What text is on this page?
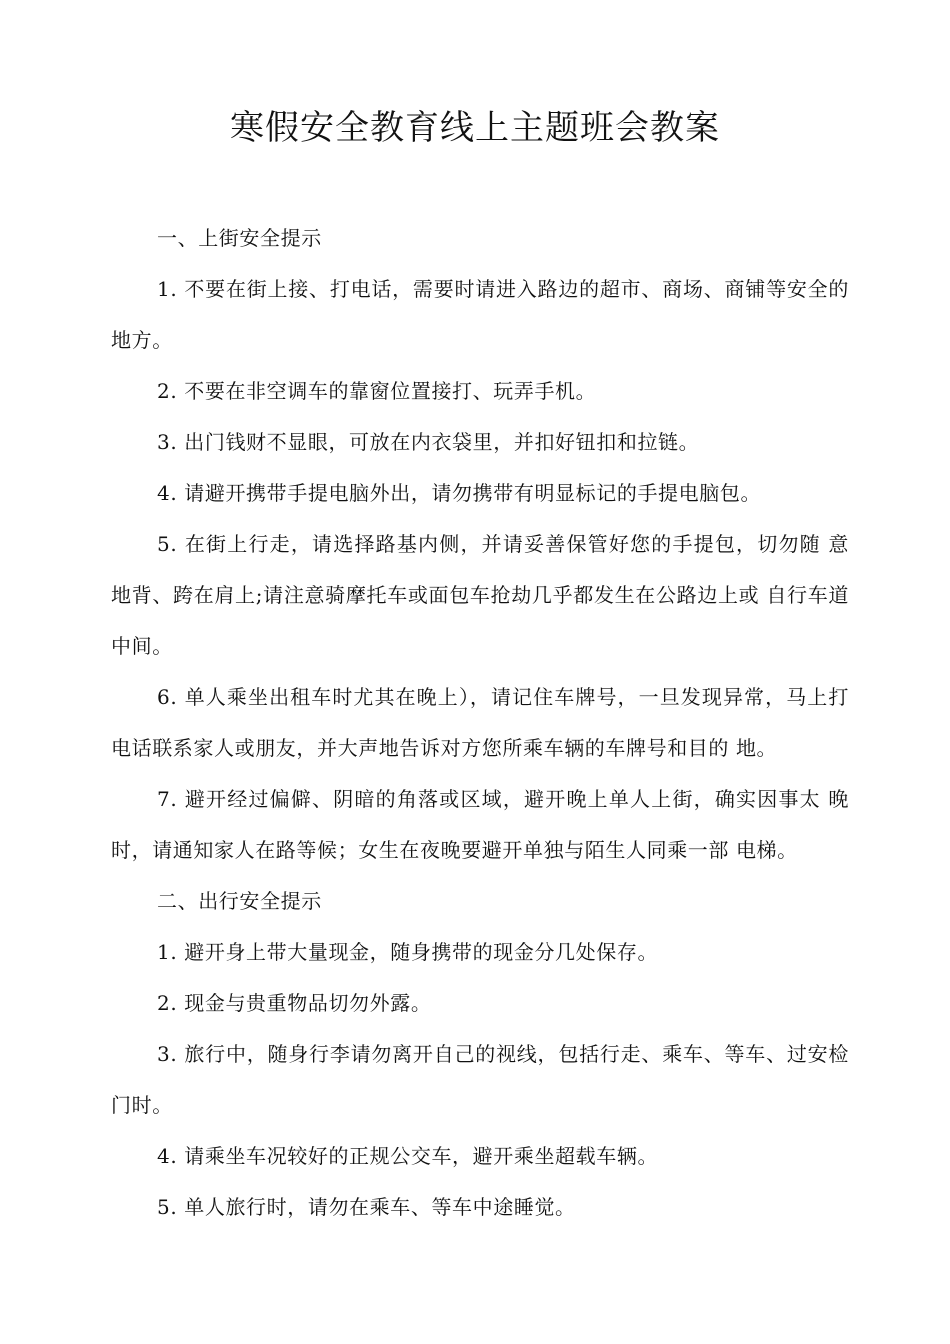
寒假安全教育线上主题班会教案

一、上街安全提示

1. 不要在街上接、打电话，需要时请进入路边的超市、商场、商铺等安全的地方。

2. 不要在非空调车的靠窗位置接打、玩弄手机。

3. 出门钱财不显眼，可放在内衣袋里，并扣好钮扣和拉链。

4. 请避开携带手提电脑外出，请勿携带有明显标记的手提电脑包。

5. 在街上行走，请选择路基内侧，并请妥善保管好您的手提包，切勿随 意地背、跨在肩上;请注意骑摩托车或面包车抢劫几乎都发生在公路边上或 自行车道中间。

6. 单人乘坐出租车时尤其在晚上），请记住车牌号，一旦发现异常，马上打电话联系家人或朋友，并大声地告诉对方您所乘车辆的车牌号和目的 地。

7. 避开经过偏僻、阴暗的角落或区域，避开晚上单人上街，确实因事太 晚时，请通知家人在路等候；女生在夜晚要避开单独与陌生人同乘一部 电梯。

二、出行安全提示

1. 避开身上带大量现金，随身携带的现金分几处保存。

2. 现金与贵重物品切勿外露。

3. 旅行中，随身行李请勿离开自己的视线，包括行走、乘车、等车、过安检门时。

4. 请乘坐车况较好的正规公交车，避开乘坐超载车辆。

5. 单人旅行时，请勿在乘车、等车中途睡觉。
